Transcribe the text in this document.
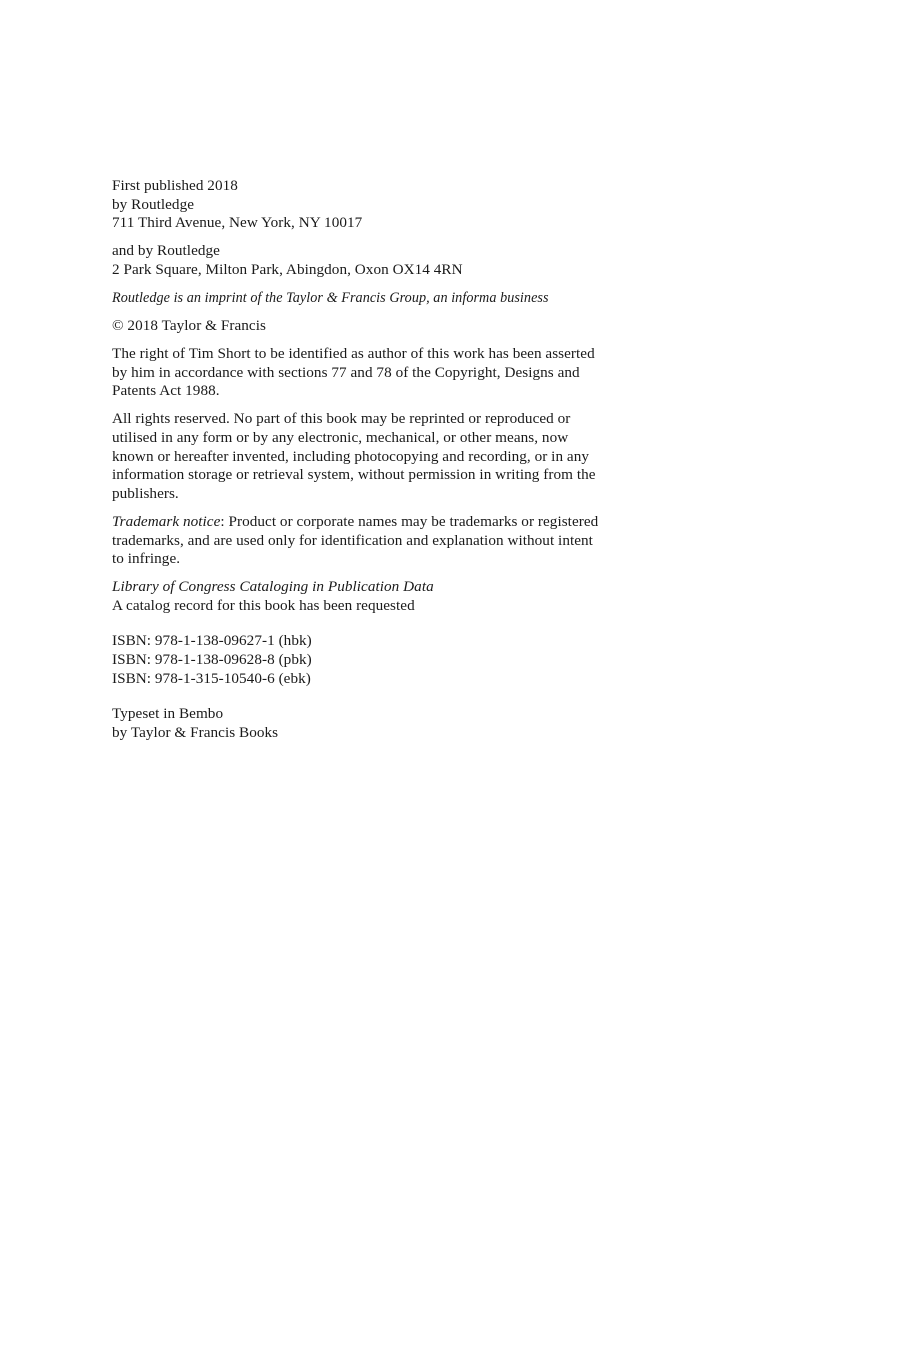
First published 2018
by Routledge
711 Third Avenue, New York, NY 10017
and by Routledge
2 Park Square, Milton Park, Abingdon, Oxon OX14 4RN
Routledge is an imprint of the Taylor & Francis Group, an informa business
© 2018 Taylor & Francis
The right of Tim Short to be identified as author of this work has been asserted
by him in accordance with sections 77 and 78 of the Copyright, Designs and
Patents Act 1988.
All rights reserved. No part of this book may be reprinted or reproduced or
utilised in any form or by any electronic, mechanical, or other means, now
known or hereafter invented, including photocopying and recording, or in any
information storage or retrieval system, without permission in writing from the
publishers.
Trademark notice: Product or corporate names may be trademarks or registered
trademarks, and are used only for identification and explanation without intent
to infringe.
Library of Congress Cataloging in Publication Data
A catalog record for this book has been requested
ISBN: 978-1-138-09627-1 (hbk)
ISBN: 978-1-138-09628-8 (pbk)
ISBN: 978-1-315-10540-6 (ebk)
Typeset in Bembo
by Taylor & Francis Books
